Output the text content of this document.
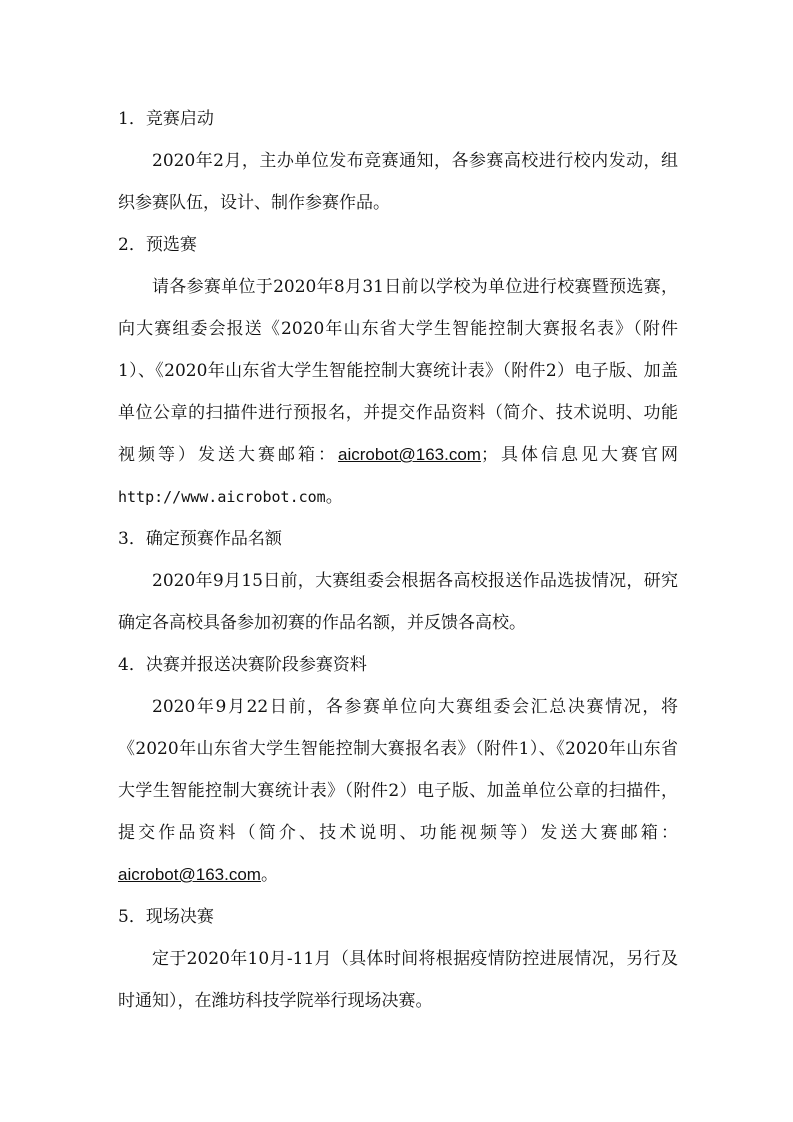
1．竞赛启动

2020年2月，主办单位发布竞赛通知，各参赛高校进行校内发动，组织参赛队伍，设计、制作参赛作品。

2．预选赛

请各参赛单位于2020年8月31日前以学校为单位进行校赛暨预选赛，向大赛组委会报送《2020年山东省大学生智能控制大赛报名表》（附件1）、《2020年山东省大学生智能控制大赛统计表》（附件2）电子版、加盖单位公章的扫描件进行预报名，并提交作品资料（简介、技术说明、功能视频等）发送大赛邮箱：aicrobot@163.com；具体信息见大赛官网 http://www.aicrobot.com。

3．确定预赛作品名额

2020年9月15日前，大赛组委会根据各高校报送作品选拔情况，研究确定各高校具备参加初赛的作品名额，并反馈各高校。

4．决赛并报送决赛阶段参赛资料

2020年9月22日前，各参赛单位向大赛组委会汇总决赛情况，将《2020年山东省大学生智能控制大赛报名表》（附件1）、《2020年山东省大学生智能控制大赛统计表》（附件2）电子版、加盖单位公章的扫描件，提交作品资料（简介、技术说明、功能视频等）发送大赛邮箱：aicrobot@163.com。

5．现场决赛

定于2020年10月-11月（具体时间将根据疫情防控进展情况，另行及时通知），在潍坊科技学院举行现场决赛。
